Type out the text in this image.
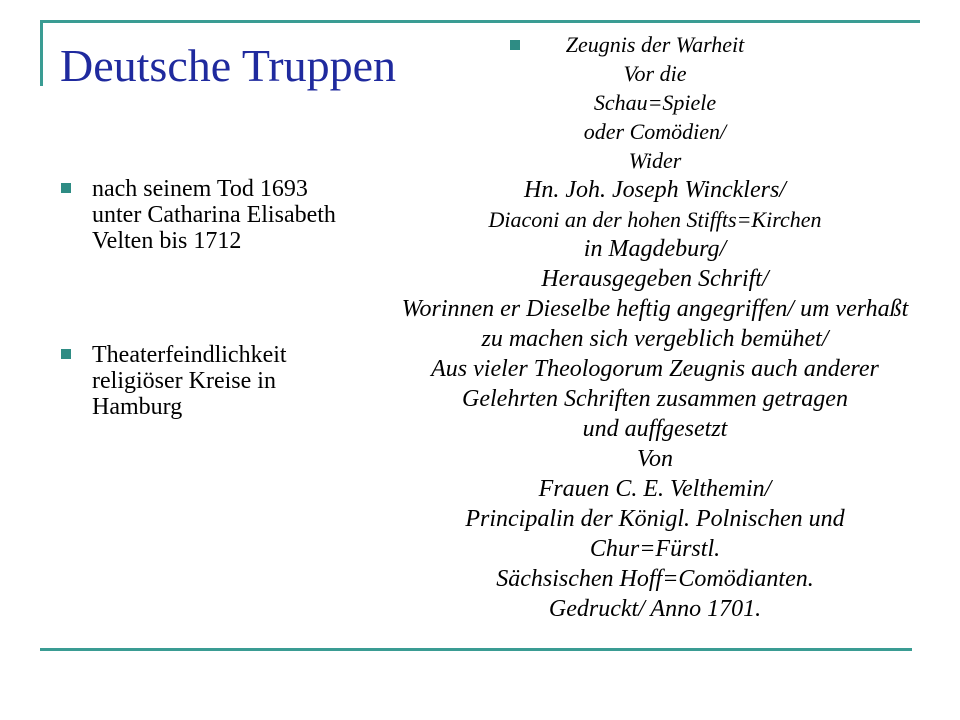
Deutsche Truppen
nach seinem Tod 1693 unter Catharina Elisabeth Velten bis 1712
Theaterfeindlichkeit religiöser Kreise in Hamburg
Zeugnis der Warheit
Vor die
Schau=Spiele
oder Comödien/
Wider
Hn. Joh. Joseph Wincklers/
Diaconi an der hohen Stiffts=Kirchen
in Magdeburg/
Herausgegeben Schrift/
Worinnen er Dieselbe heftig angegriffen/ um verhaßt
zu machen sich vergeblich bemühet/
Aus vieler Theologorum Zeugnis auch anderer
Gelehrten Schriften zusammen getragen
und auffgesetzt
Von
Frauen C. E. Velthemin/
Principalin der Königl. Polnischen und
Chur=Fürstl.
Sächsischen Hoff=Comödianten.
Gedruckt/ Anno 1701.
